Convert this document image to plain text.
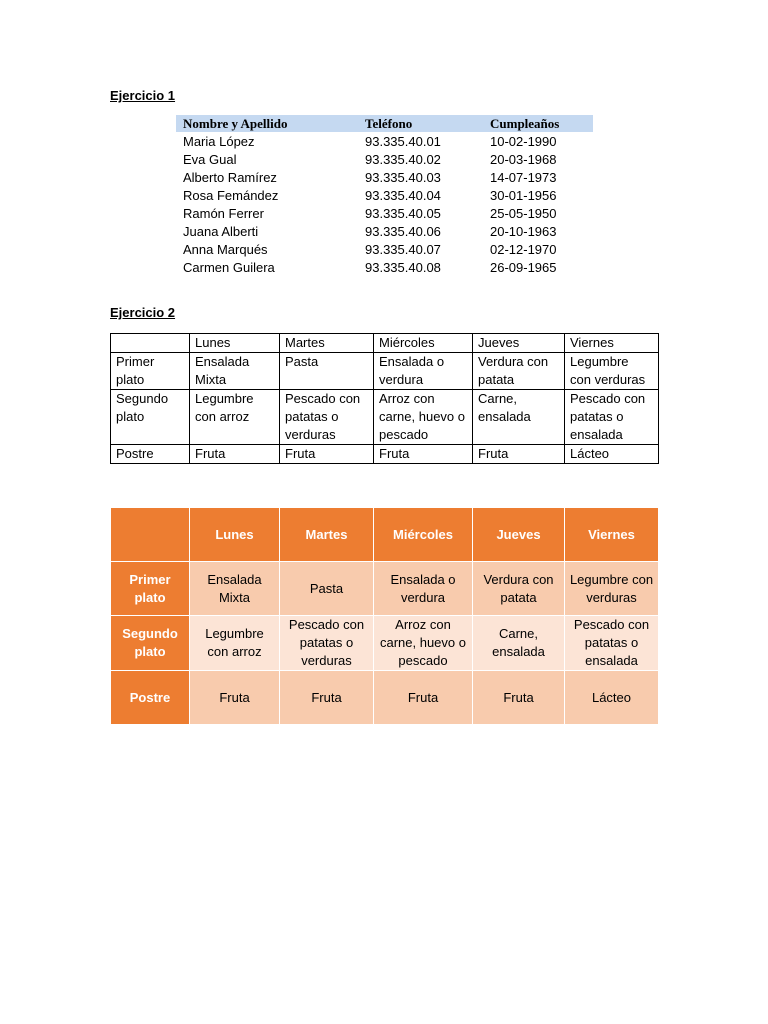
Ejercicio 1
Nombre y Apellido	Teléfono	Cumpleaños
Maria López	93.335.40.01	10-02-1990
Eva Gual	93.335.40.02	20-03-1968
Alberto Ramírez	93.335.40.03	14-07-1973
Rosa Femández	93.335.40.04	30-01-1956
Ramón Ferrer	93.335.40.05	25-05-1950
Juana Alberti	93.335.40.06	20-10-1963
Anna Marqués	93.335.40.07	02-12-1970
Carmen Guilera	93.335.40.08	26-09-1965
Ejercicio 2
	Lunes	Martes	Miércoles	Jueves	Viernes
Primer plato	Ensalada Mixta	Pasta	Ensalada o verdura	Verdura con patata	Legumbre con verduras
Segundo plato	Legumbre con arroz	Pescado con patatas o verduras	Arroz con carne, huevo o pescado	Carne, ensalada	Pescado con patatas o ensalada
Postre	Fruta	Fruta	Fruta	Fruta	Lácteo
	Lunes	Martes	Miércoles	Jueves	Viernes
Primer plato	Ensalada Mixta	Pasta	Ensalada o verdura	Verdura con patata	Legumbre con verduras
Segundo plato	Legumbre con arroz	Pescado con patatas o verduras	Arroz con carne, huevo o pescado	Carne, ensalada	Pescado con patatas o ensalada
Postre	Fruta	Fruta	Fruta	Fruta	Lácteo
